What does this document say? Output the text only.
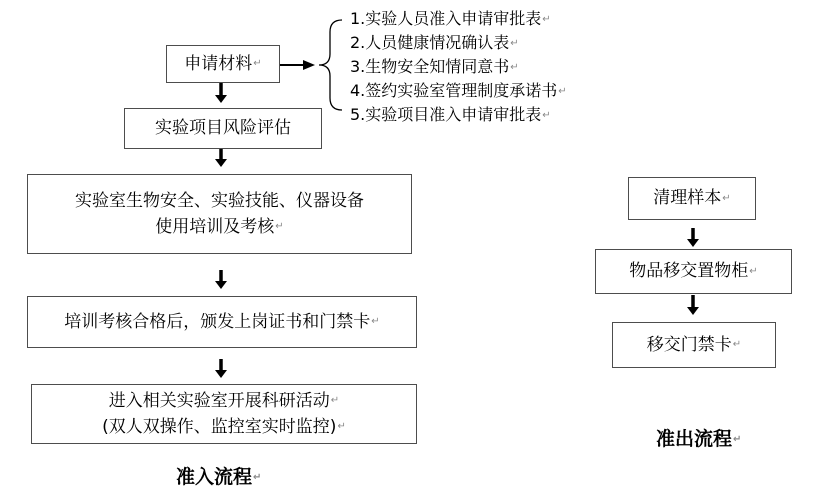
申请材料↵
1.实验人员准入申请审批表↵
2.人员健康情况确认表↵
3.生物安全知情同意书↵
4.签约实验室管理制度承诺书↵
5.实验项目准入申请审批表↵
实验项目风险评估
实验室生物安全、实验技能、仪器设备
使用培训及考核↵
培训考核合格后，颁发上岗证书和门禁卡↵
进入相关实验室开展科研活动↵
(双人双操作、监控室实时监控)↵
准入流程↵
清理样本↵
物品移交置物柜↵
移交门禁卡↵
准出流程↵
